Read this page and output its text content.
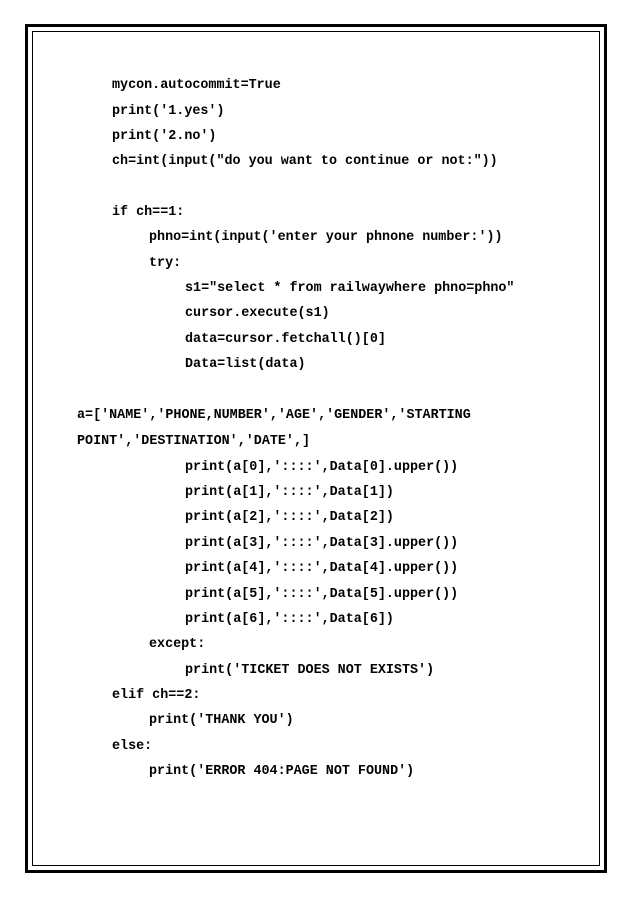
mycon.autocommit=True
print('1.yes')
print('2.no')
ch=int(input("do you want to continue or not:"))
if ch==1:
phno=int(input('enter your phnone number:'))
try:
s1="select * from railwaywhere phno=phno"
cursor.execute(s1)
data=cursor.fetchall()[0]
Data=list(data)
a=['NAME','PHONE,NUMBER','AGE','GENDER','STARTING
POINT','DESTINATION','DATE',]
print(a[0],'::::',Data[0].upper())
print(a[1],'::::',Data[1])
print(a[2],'::::',Data[2])
print(a[3],'::::',Data[3].upper())
print(a[4],'::::',Data[4].upper())
print(a[5],'::::',Data[5].upper())
print(a[6],'::::',Data[6])
except:
print('TICKET DOES NOT EXISTS')
elif ch==2:
print('THANK YOU')
else:
print('ERROR 404:PAGE NOT FOUND')
